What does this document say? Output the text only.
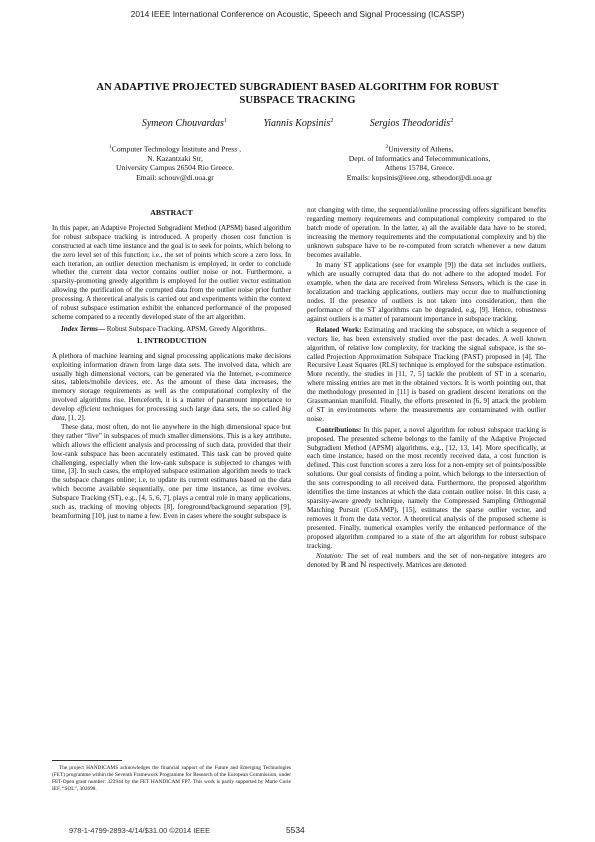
2014 IEEE International Conference on Acoustic, Speech and Signal Processing (ICASSP)
AN ADAPTIVE PROJECTED SUBGRADIENT BASED ALGORITHM FOR ROBUST SUBSPACE TRACKING
Symeon Chouvardas$^1$	Yiannis Kopsinis$^2$	Sergios Theodoridis$^2$
$^1$Computer Technology Institute and Press ,
N. Kazantzaki Str,
University Campus 26504 Rio Greece.
Email: schouv@di.uoa.gr
$^2$University of Athens,
Dept. of Informatics and Telecommunications,
Athens 15784, Greece.
Emails: kopsinis@ieee.org, stheodor@di.uoa.gr
ABSTRACT

In this paper, an Adaptive Projected Subgradient Method (APSM) based algorithm for robust subspace tracking is introduced. A properly chosen cost function is constructed at each time instance and the goal is to seek for points, which belong to the zero level set of this function; i.e., the set of points which score a zero loss. In each iteration, an outlier detection mechanism is employed, in order to conclude whether the current data vector contains outlier noise or not. Furthermore, a sparsity-promoting greedy algorithm is employed for the outlier vector estimation allowing the purification of the corrupted data from the outlier noise prior further processing. A theoretical analysis is carried out and experiments within the context of robust subspace estimation exhibit the enhanced performance of the proposed scheme compared to a recently developed state of the art algorithm.

Index Terms— Robust Subspace Tracking, APSM, Greedy Algorithms.

1. INTRODUCTION

A plethora of machine learning and signal processing applications make decisions exploiting information drawn from large data sets. The involved data, which are usually high dimensional vectors, can be generated via the Internet, e-commerce sites, tablets/mobile devices, etc. As the amount of these data increases, the memory storage requirements as well as the computational complexity of the involved algorithms rise. Henceforth, it is a matter of paramount importance to develop efficient techniques for processing such large data sets, the so called big data, [1, 2].

These data, most often, do not lie anywhere in the high dimensional space but they rather “live” in subspaces of much smaller dimensions. This is a key attribute, which allows the efficient analysis and processing of such data, provided that their low-rank subspace has been accurately estimated. This task can be proved quite challenging, especially when the low-rank subspace is subjected to changes with time, [3]. In such cases, the employed subspace estimation algorithm needs to track the subspace changes online; i.e, to update its current estimates based on the data which become available sequentially, one per time instance, as time evolves. Subspace Tracking (ST), e.g., [4, 5, 6, 7], plays a central role in many applications, such as, tracking of moving objects [8], foreground/background separation [9], beamforming [10], just to name a few. Even in cases where the sought subspace is

The project HANDICAMS acknowledges the financial support of the Future and Emerging Technologies (FET) programme within the Seventh Framework Programme for Research of the European Commission, under FET-Open grant number: 323944 by the FET HANDICAM FP7. This work is partly supported by Marie Curie IEF, “SOL”, 302698.

not changing with time, the sequential/online processing offers significant benefits regarding memory requirements and computational complexity compared to the batch mode of operation. In the latter, a) all the available data have to be stored, increasing the memory requirements and the computational complexity and b) the unknown subspace have to be re-computed from scratch whenever a new datum becomes available.

In many ST applications (see for example [9]) the data set includes outliers, which are usually corrupted data that do not adhere to the adopted model. For example, when the data are received from Wireless Sensors, which is the case in localization and tracking applications, outliers may occur due to malfunctioning nodes. If the presence of outliers is not taken into consideration, then the performance of the ST algorithms can be degraded, e.g, [9]. Hence, robustness against outliers is a matter of paramount importance in subspace tracking.

Related Work: Estimating and tracking the subspace, on which a sequence of vectors lie, has been extensively studied over the past decades. A well known algorithm, of relative low complexity, for tracking the signal subspace, is the so-called Projection Approximation Subspace Tracking (PAST) proposed in [4]. The Recursive Least Squares (RLS) technique is employed for the subspace estimation. More recently, the studies in [11, 7, 5] tackle the problem of ST in a scenario, where missing entries are met in the obtained vectors. It is worth pointing out, that the methodology presented in [11] is based on gradient descent iterations on the Grassmannian manifold. Finally, the efforts presented in [6, 9] attack the problem of ST in environments where the measurements are contaminated with outlier noise.

Contributions: In this paper, a novel algorithm for robust subspace tracking is proposed. The presented scheme belongs to the family of the Adaptive Projected Subgradient Method (APSM) algorithms, e.g., [12, 13, 14]. More specifically, at each time instance, based on the most recently received data, a cost function is defined. This cost function scores a zero loss for a non-empty set of points/possible solutions. Our goal consists of finding a point, which belongs to the intersection of the sets corresponding to all received data. Furthermore, the proposed algorithm identifies the time instances at which the data contain outlier noise. In this case, a sparsity-aware greedy technique, namely the Compressed Sampling Orthogonal Matching Pursuit (CoSAMP), [15], estimates the sparse outlier vector, and removes it from the data vector. A theoretical analysis of the proposed scheme is presented. Finally, numerical examples verify the enhanced performance of the proposed algorithm compared to a state of the art algorithm for robust subspace tracking.

Notation: The set of real numbers and the set of non-negative integers are denoted by ℝ and ℕ respectively. Matrices are denoted

978-1-4799-2893-4/14/$31.00 ©2014 IEEE	5534
